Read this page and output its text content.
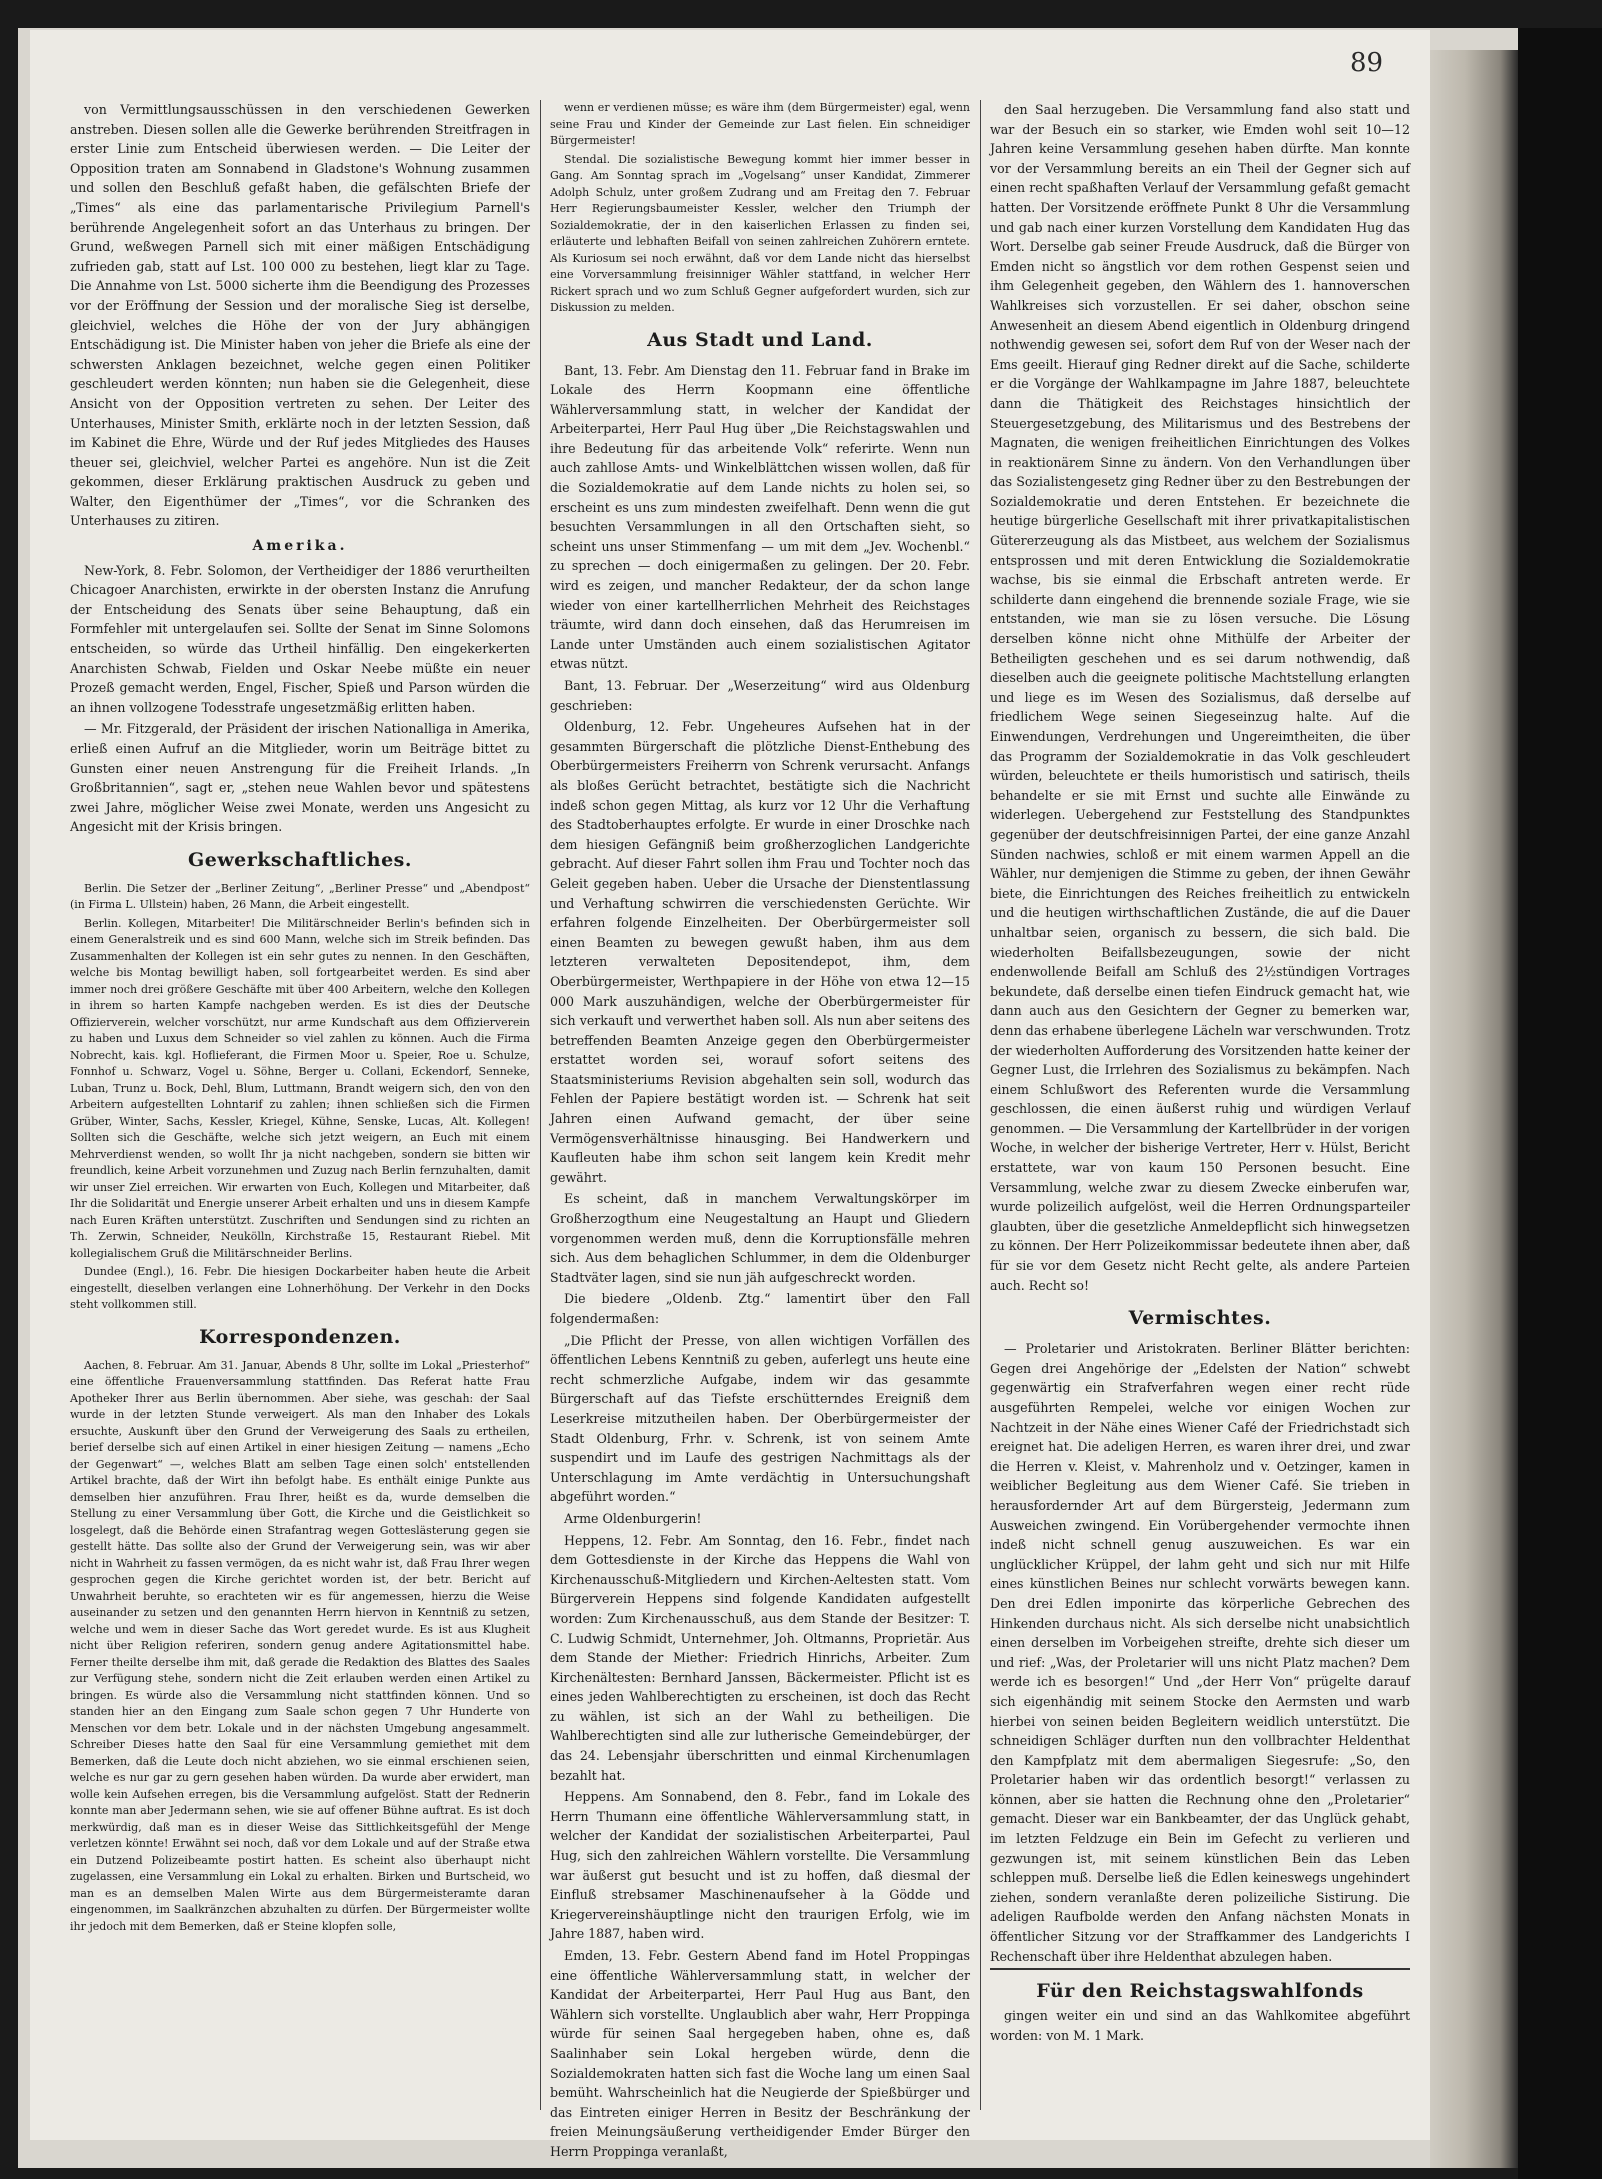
89

von Vermittlungsausschüssen in den verschiedenen Gewerken anstreben. Diesen sollen alle die Gewerke berührenden Streitfragen in erster Linie zum Entscheid überwiesen werden. — Die Leiter der Opposition traten am Sonnabend in Gladstone's Wohnung zusammen und sollen den Beschluß gefaßt haben, die gefälschten Briefe der „Times“ als eine das parlamentarische Privilegium Parnell's berührende Angelegenheit sofort an das Unterhaus zu bringen. Der Grund, weßwegen Parnell sich mit einer mäßigen Entschädigung zufrieden gab, statt auf Lst. 100 000 zu bestehen, liegt klar zu Tage. Die Annahme von Lst. 5000 sicherte ihm die Beendigung des Prozesses vor der Eröffnung der Session und der moralische Sieg ist derselbe, gleichviel, welches die Höhe der von der Jury abhängigen Entschädigung ist. Die Minister haben von jeher die Briefe als eine der schwersten Anklagen bezeichnet, welche gegen einen Politiker geschleudert werden könnten; nun haben sie die Gelegenheit, diese Ansicht von der Opposition vertreten zu sehen. Der Leiter des Unterhauses, Minister Smith, erklärte noch in der letzten Session, daß im Kabinet die Ehre, Würde und der Ruf jedes Mitgliedes des Hauses theuer sei, gleichviel, welcher Partei es angehöre. Nun ist die Zeit gekommen, dieser Erklärung praktischen Ausdruck zu geben und Walter, den Eigenthümer der „Times“, vor die Schranken des Unterhauses zu zitiren.

Amerika.

New-York, 8. Febr. Solomon, der Vertheidiger der 1886 verurtheilten Chicagoer Anarchisten, erwirkte in der obersten Instanz die Anrufung der Entscheidung des Senats über seine Behauptung, daß ein Formfehler mit untergelaufen sei. Sollte der Senat im Sinne Solomons entscheiden, so würde das Urtheil hinfällig. Den eingekerkerten Anarchisten Schwab, Fielden und Oskar Neebe müßte ein neuer Prozeß gemacht werden, Engel, Fischer, Spieß und Parson würden die an ihnen vollzogene Todesstrafe ungesetzmäßig erlitten haben.

— Mr. Fitzgerald, der Präsident der irischen Nationalliga in Amerika, erließ einen Aufruf an die Mitglieder, worin um Beiträge bittet zu Gunsten einer neuen Anstrengung für die Freiheit Irlands. „In Großbritannien“, sagt er, „stehen neue Wahlen bevor und spätestens zwei Jahre, möglicher Weise zwei Monate, werden uns Angesicht zu Angesicht mit der Krisis bringen.

Gewerkschaftliches.

Berlin. Die Setzer der „Berliner Zeitung“, „Berliner Presse“ und „Abendpost“ (in Firma L. Ullstein) haben, 26 Mann, die Arbeit eingestellt.

Berlin. Kollegen, Mitarbeiter! Die Militärschneider Berlin's befinden sich in einem Generalstreik und es sind 600 Mann, welche sich im Streik befinden. Das Zusammenhalten der Kollegen ist ein sehr gutes zu nennen. In den Geschäften, welche bis Montag bewilligt haben, soll fortgearbeitet werden. Es sind aber immer noch drei größere Geschäfte mit über 400 Arbeitern, welche den Kollegen in ihrem so harten Kampfe nachgeben werden. Es ist dies der Deutsche Offizierverein, welcher vorschützt, nur arme Kundschaft aus dem Offizierverein zu haben und Luxus dem Schneider so viel zahlen zu können. Auch die Firma Nobrecht, kais. kgl. Hoflieferant, die Firmen Moor u. Speier, Roe u. Schulze, Fonnhof u. Schwarz, Vogel u. Söhne, Berger u. Collani, Eckendorf, Senneke, Luban, Trunz u. Bock, Dehl, Blum, Luttmann, Brandt weigern sich, den von den Arbeitern aufgestellten Lohntarif zu zahlen; ihnen schließen sich die Firmen Grüber, Winter, Sachs, Kessler, Kriegel, Kühne, Senske, Lucas, Alt. Kollegen! Sollten sich die Geschäfte, welche sich jetzt weigern, an Euch mit einem Mehrverdienst wenden, so wollt Ihr ja nicht nachgeben, sondern sie bitten wir freundlich, keine Arbeit vorzunehmen und Zuzug nach Berlin fernzuhalten, damit wir unser Ziel erreichen. Wir erwarten von Euch, Kollegen und Mitarbeiter, daß Ihr die Solidarität und Energie unserer Arbeit erhalten und uns in diesem Kampfe nach Euren Kräften unterstützt. Zuschriften und Sendungen sind zu richten an Th. Zerwin, Schneider, Neukölln, Kirchstraße 15, Restaurant Riebel. Mit kollegialischem Gruß die Militärschneider Berlins.

Dundee (Engl.), 16. Febr. Die hiesigen Dockarbeiter haben heute die Arbeit eingestellt, dieselben verlangen eine Lohnerhöhung. Der Verkehr in den Docks steht vollkommen still.

Korrespondenzen.

Aachen, 8. Februar. Am 31. Januar, Abends 8 Uhr, sollte im Lokal „Priesterhof“ eine öffentliche Frauenversammlung stattfinden. Das Referat hatte Frau Apotheker Ihrer aus Berlin übernommen. Aber siehe, was geschah: der Saal wurde in der letzten Stunde verweigert. Als man den Inhaber des Lokals ersuchte, Auskunft über den Grund der Verweigerung des Saals zu ertheilen, berief derselbe sich auf einen Artikel in einer hiesigen Zeitung — namens „Echo der Gegenwart“ —, welches Blatt am selben Tage einen solch' entstellenden Artikel brachte, daß der Wirt ihn befolgt habe. Es enthält einige Punkte aus demselben hier anzuführen. Frau Ihrer, heißt es da, wurde demselben die Stellung zu einer Versammlung über Gott, die Kirche und die Geistlichkeit so losgelegt, daß die Behörde einen Strafantrag wegen Gotteslästerung gegen sie gestellt hätte. Das sollte also der Grund der Verweigerung sein, was wir aber nicht in Wahrheit zu fassen vermögen, da es nicht wahr ist, daß Frau Ihrer wegen gesprochen gegen die Kirche gerichtet worden ist, der betr. Bericht auf Unwahrheit beruhte, so erachteten wir es für angemessen, hierzu die Weise auseinander zu setzen und den genannten Herrn hiervon in Kenntniß zu setzen, welche und wem in dieser Sache das Wort geredet wurde. Es ist aus Klugheit nicht über Religion referiren, sondern genug andere Agitationsmittel habe. Ferner theilte derselbe ihm mit, daß gerade die Redaktion des Blattes des Saales zur Verfügung stehe, sondern nicht die Zeit erlauben werden einen Artikel zu bringen. Es würde also die Versammlung nicht stattfinden können. Und so standen hier an den Eingang zum Saale schon gegen 7 Uhr Hunderte von Menschen vor dem betr. Lokale und in der nächsten Umgebung angesammelt. Schreiber Dieses hatte den Saal für eine Versammlung gemiethet mit dem Bemerken, daß die Leute doch nicht abziehen, wo sie einmal erschienen seien, welche es nur gar zu gern gesehen haben würden. Da wurde aber erwidert, man wolle kein Aufsehen erregen, bis die Versammlung aufgelöst. Statt der Rednerin konnte man aber Jedermann sehen, wie sie auf offener Bühne auftrat. Es ist doch merkwürdig, daß man es in dieser Weise das Sittlichkeitsgefühl der Menge verletzen könnte! Erwähnt sei noch, daß vor dem Lokale und auf der Straße etwa ein Dutzend Polizeibeamte postirt hatten. Es scheint also überhaupt nicht zugelassen, eine Versammlung ein Lokal zu erhalten. Birken und Burtscheid, wo man es an demselben Malen Wirte aus dem Bürgermeisteramte daran eingenommen, im Saalkränzchen abzuhalten zu dürfen. Der Bürgermeister wollte ihr jedoch mit dem Bemerken, daß er Steine klopfen solle,

wenn er verdienen müsse; es wäre ihm (dem Bürgermeister) egal, wenn seine Frau und Kinder der Gemeinde zur Last fielen. Ein schneidiger Bürgermeister!

Stendal. Die sozialistische Bewegung kommt hier immer besser in Gang. Am Sonntag sprach im „Vogelsang“ unser Kandidat, Zimmerer Adolph Schulz, unter großem Zudrang und am Freitag den 7. Februar Herr Regierungsbaumeister Kessler, welcher den Triumph der Sozialdemokratie, der in den kaiserlichen Erlassen zu finden sei, erläuterte und lebhaften Beifall von seinen zahlreichen Zuhörern erntete. Als Kuriosum sei noch erwähnt, daß vor dem Lande nicht das hierselbst eine Vorversammlung freisinniger Wähler stattfand, in welcher Herr Rickert sprach und wo zum Schluß Gegner aufgefordert wurden, sich zur Diskussion zu melden.

Aus Stadt und Land.

Bant, 13. Febr. Am Dienstag den 11. Februar fand in Brake im Lokale des Herrn Koopmann eine öffentliche Wählerversammlung statt, in welcher der Kandidat der Arbeiterpartei, Herr Paul Hug über „Die Reichstagswahlen und ihre Bedeutung für das arbeitende Volk“ referirte. Wenn nun auch zahllose Amts- und Winkelblättchen wissen wollen, daß für die Sozialdemokratie auf dem Lande nichts zu holen sei, so erscheint es uns zum mindesten zweifelhaft. Denn wenn die gut besuchten Versammlungen in all den Ortschaften sieht, so scheint uns unser Stimmenfang — um mit dem „Jev. Wochenbl.“ zu sprechen — doch einigermaßen zu gelingen. Der 20. Febr. wird es zeigen, und mancher Redakteur, der da schon lange wieder von einer kartellherrlichen Mehrheit des Reichstages träumte, wird dann doch einsehen, daß das Herumreisen im Lande unter Umständen auch einem sozialistischen Agitator etwas nützt.

Bant, 13. Februar. Der „Weserzeitung“ wird aus Oldenburg geschrieben:

Oldenburg, 12. Febr. Ungeheures Aufsehen hat in der gesammten Bürgerschaft die plötzliche Dienst-Enthebung des Oberbürgermeisters Freiherrn von Schrenk verursacht. Anfangs als bloßes Gerücht betrachtet, bestätigte sich die Nachricht indeß schon gegen Mittag, als kurz vor 12 Uhr die Verhaftung des Stadtoberhauptes erfolgte. Er wurde in einer Droschke nach dem hiesigen Gefängniß beim großherzoglichen Landgerichte gebracht. Auf dieser Fahrt sollen ihm Frau und Tochter noch das Geleit gegeben haben. Ueber die Ursache der Dienstentlassung und Verhaftung schwirren die verschiedensten Gerüchte. Wir erfahren folgende Einzelheiten. Der Oberbürgermeister soll einen Beamten zu bewegen gewußt haben, ihm aus dem letzteren verwalteten Depositendepot, ihm, dem Oberbürgermeister, Werthpapiere in der Höhe von etwa 12—15 000 Mark auszuhändigen, welche der Oberbürgermeister für sich verkauft und verwerthet haben soll. Als nun aber seitens des betreffenden Beamten Anzeige gegen den Oberbürgermeister erstattet worden sei, worauf sofort seitens des Staatsministeriums Revision abgehalten sein soll, wodurch das Fehlen der Papiere bestätigt worden ist. — Schrenk hat seit Jahren einen Aufwand gemacht, der über seine Vermögensverhältnisse hinausging. Bei Handwerkern und Kaufleuten habe ihm schon seit langem kein Kredit mehr gewährt.

Es scheint, daß in manchem Verwaltungskörper im Großherzogthum eine Neugestaltung an Haupt und Gliedern vorgenommen werden muß, denn die Korruptionsfälle mehren sich. Aus dem behaglichen Schlummer, in dem die Oldenburger Stadtväter lagen, sind sie nun jäh aufgeschreckt worden.

Die biedere „Oldenb. Ztg.“ lamentirt über den Fall folgendermaßen:

„Die Pflicht der Presse, von allen wichtigen Vorfällen des öffentlichen Lebens Kenntniß zu geben, auferlegt uns heute eine recht schmerzliche Aufgabe, indem wir das gesammte Bürgerschaft auf das Tiefste erschütterndes Ereigniß dem Leserkreise mitzutheilen haben. Der Oberbürgermeister der Stadt Oldenburg, Frhr. v. Schrenk, ist von seinem Amte suspendirt und im Laufe des gestrigen Nachmittags als der Unterschlagung im Amte verdächtig in Untersuchungshaft abgeführt worden.“

Arme Oldenburgerin!

Heppens, 12. Febr. Am Sonntag, den 16. Febr., findet nach dem Gottesdienste in der Kirche das Heppens die Wahl von Kirchenausschuß-Mitgliedern und Kirchen-Aeltesten statt. Vom Bürgerverein Heppens sind folgende Kandidaten aufgestellt worden: Zum Kirchenausschuß, aus dem Stande der Besitzer: T. C. Ludwig Schmidt, Unternehmer, Joh. Oltmanns, Proprietär. Aus dem Stande der Miether: Friedrich Hinrichs, Arbeiter. Zum Kirchenältesten: Bernhard Janssen, Bäckermeister. Pflicht ist es eines jeden Wahlberechtigten zu erscheinen, ist doch das Recht zu wählen, ist sich an der Wahl zu betheiligen. Die Wahlberechtigten sind alle zur lutherische Gemeindebürger, der das 24. Lebensjahr überschritten und einmal Kirchenumlagen bezahlt hat.

Heppens. Am Sonnabend, den 8. Febr., fand im Lokale des Herrn Thumann eine öffentliche Wählerversammlung statt, in welcher der Kandidat der sozialistischen Arbeiterpartei, Paul Hug, sich den zahlreichen Wählern vorstellte. Die Versammlung war äußerst gut besucht und ist zu hoffen, daß diesmal der Einfluß strebsamer Maschinenaufseher à la Gödde und Kriegervereinshäuptlinge nicht den traurigen Erfolg, wie im Jahre 1887, haben wird.

Emden, 13. Febr. Gestern Abend fand im Hotel Proppingas eine öffentliche Wählerversammlung statt, in welcher der Kandidat der Arbeiterpartei, Herr Paul Hug aus Bant, den Wählern sich vorstellte. Unglaublich aber wahr, Herr Proppinga würde für seinen Saal hergegeben haben, ohne es, daß Saalinhaber sein Lokal hergeben würde, denn die Sozialdemokraten hatten sich fast die Woche lang um einen Saal bemüht. Wahrscheinlich hat die Neugierde der Spießbürger und das Eintreten einiger Herren in Besitz der Beschränkung der freien Meinungsäußerung vertheidigender Emder Bürger den Herrn Proppinga veranlaßt,

den Saal herzugeben. Die Versammlung fand also statt und war der Besuch ein so starker, wie Emden wohl seit 10—12 Jahren keine Versammlung gesehen haben dürfte. Man konnte vor der Versammlung bereits an ein Theil der Gegner sich auf einen recht spaßhaften Verlauf der Versammlung gefaßt gemacht hatten. Der Vorsitzende eröffnete Punkt 8 Uhr die Versammlung und gab nach einer kurzen Vorstellung dem Kandidaten Hug das Wort. Derselbe gab seiner Freude Ausdruck, daß die Bürger von Emden nicht so ängstlich vor dem rothen Gespenst seien und ihm Gelegenheit gegeben, den Wählern des 1. hannoverschen Wahlkreises sich vorzustellen. Er sei daher, obschon seine Anwesenheit an diesem Abend eigentlich in Oldenburg dringend nothwendig gewesen sei, sofort dem Ruf von der Weser nach der Ems geeilt. Hierauf ging Redner direkt auf die Sache, schilderte er die Vorgänge der Wahlkampagne im Jahre 1887, beleuchtete dann die Thätigkeit des Reichstages hinsichtlich der Steuergesetzgebung, des Militarismus und des Bestrebens der Magnaten, die wenigen freiheitlichen Einrichtungen des Volkes in reaktionärem Sinne zu ändern. Von den Verhandlungen über das Sozialistengesetz ging Redner über zu den Bestrebungen der Sozialdemokratie und deren Entstehen. Er bezeichnete die heutige bürgerliche Gesellschaft mit ihrer privatkapitalistischen Gütererzeugung als das Mistbeet, aus welchem der Sozialismus entsprossen und mit deren Entwicklung die Sozialdemokratie wachse, bis sie einmal die Erbschaft antreten werde. Er schilderte dann eingehend die brennende soziale Frage, wie sie entstanden, wie man sie zu lösen versuche. Die Lösung derselben könne nicht ohne Mithülfe der Arbeiter der Betheiligten geschehen und es sei darum nothwendig, daß dieselben auch die geeignete politische Machtstellung erlangten und liege es im Wesen des Sozialismus, daß derselbe auf friedlichem Wege seinen Siegeseinzug halte. Auf die Einwendungen, Verdrehungen und Ungereimtheiten, die über das Programm der Sozialdemokratie in das Volk geschleudert würden, beleuchtete er theils humoristisch und satirisch, theils behandelte er sie mit Ernst und suchte alle Einwände zu widerlegen. Uebergehend zur Feststellung des Standpunktes gegenüber der deutschfreisinnigen Partei, der eine ganze Anzahl Sünden nachwies, schloß er mit einem warmen Appell an die Wähler, nur demjenigen die Stimme zu geben, der ihnen Gewähr biete, die Einrichtungen des Reiches freiheitlich zu entwickeln und die heutigen wirthschaftlichen Zustände, die auf die Dauer unhaltbar seien, organisch zu bessern, die sich bald. Die wiederholten Beifallsbezeugungen, sowie der nicht endenwollende Beifall am Schluß des 2½stündigen Vortrages bekundete, daß derselbe einen tiefen Eindruck gemacht hat, wie dann auch aus den Gesichtern der Gegner zu bemerken war, denn das erhabene überlegene Lächeln war verschwunden. Trotz der wiederholten Aufforderung des Vorsitzenden hatte keiner der Gegner Lust, die Irrlehren des Sozialismus zu bekämpfen. Nach einem Schlußwort des Referenten wurde die Versammlung geschlossen, die einen äußerst ruhig und würdigen Verlauf genommen. — Die Versammlung der Kartellbrüder in der vorigen Woche, in welcher der bisherige Vertreter, Herr v. Hülst, Bericht erstattete, war von kaum 150 Personen besucht. Eine Versammlung, welche zwar zu diesem Zwecke einberufen war, wurde polizeilich aufgelöst, weil die Herren Ordnungsparteiler glaubten, über die gesetzliche Anmeldepflicht sich hinwegsetzen zu können. Der Herr Polizeikommissar bedeutete ihnen aber, daß für sie vor dem Gesetz nicht Recht gelte, als andere Parteien auch. Recht so!

Vermischtes.

— Proletarier und Aristokraten. Berliner Blätter berichten: Gegen drei Angehörige der „Edelsten der Nation“ schwebt gegenwärtig ein Strafverfahren wegen einer recht rüde ausgeführten Rempelei, welche vor einigen Wochen zur Nachtzeit in der Nähe eines Wiener Café der Friedrichstadt sich ereignet hat. Die adeligen Herren, es waren ihrer drei, und zwar die Herren v. Kleist, v. Mahrenholz und v. Oetzinger, kamen in weiblicher Begleitung aus dem Wiener Café. Sie trieben in herausfordernder Art auf dem Bürgersteig, Jedermann zum Ausweichen zwingend. Ein Vorübergehender vermochte ihnen indeß nicht schnell genug auszuweichen. Es war ein unglücklicher Krüppel, der lahm geht und sich nur mit Hilfe eines künstlichen Beines nur schlecht vorwärts bewegen kann. Den drei Edlen imponirte das körperliche Gebrechen des Hinkenden durchaus nicht. Als sich derselbe nicht unabsichtlich einen derselben im Vorbeigehen streifte, drehte sich dieser um und rief: „Was, der Proletarier will uns nicht Platz machen? Dem werde ich es besorgen!“ Und „der Herr Von“ prügelte darauf sich eigenhändig mit seinem Stocke den Aermsten und warb hierbei von seinen beiden Begleitern weidlich unterstützt. Die schneidigen Schläger durften nun den vollbrachter Heldenthat den Kampfplatz mit dem abermaligen Siegesrufe: „So, den Proletarier haben wir das ordentlich besorgt!“ verlassen zu können, aber sie hatten die Rechnung ohne den „Proletarier“ gemacht. Dieser war ein Bankbeamter, der das Unglück gehabt, im letzten Feldzuge ein Bein im Gefecht zu verlieren und gezwungen ist, mit seinem künstlichen Bein das Leben schleppen muß. Derselbe ließ die Edlen keineswegs ungehindert ziehen, sondern veranlaßte deren polizeiliche Sistirung. Die adeligen Raufbolde werden den Anfang nächsten Monats in öffentlicher Sitzung vor der Straffkammer des Landgerichts I Rechenschaft über ihre Heldenthat abzulegen haben.

Für den Reichstagswahlfonds

gingen weiter ein und sind an das Wahlkomitee abgeführt worden: von M. 1 Mark.
